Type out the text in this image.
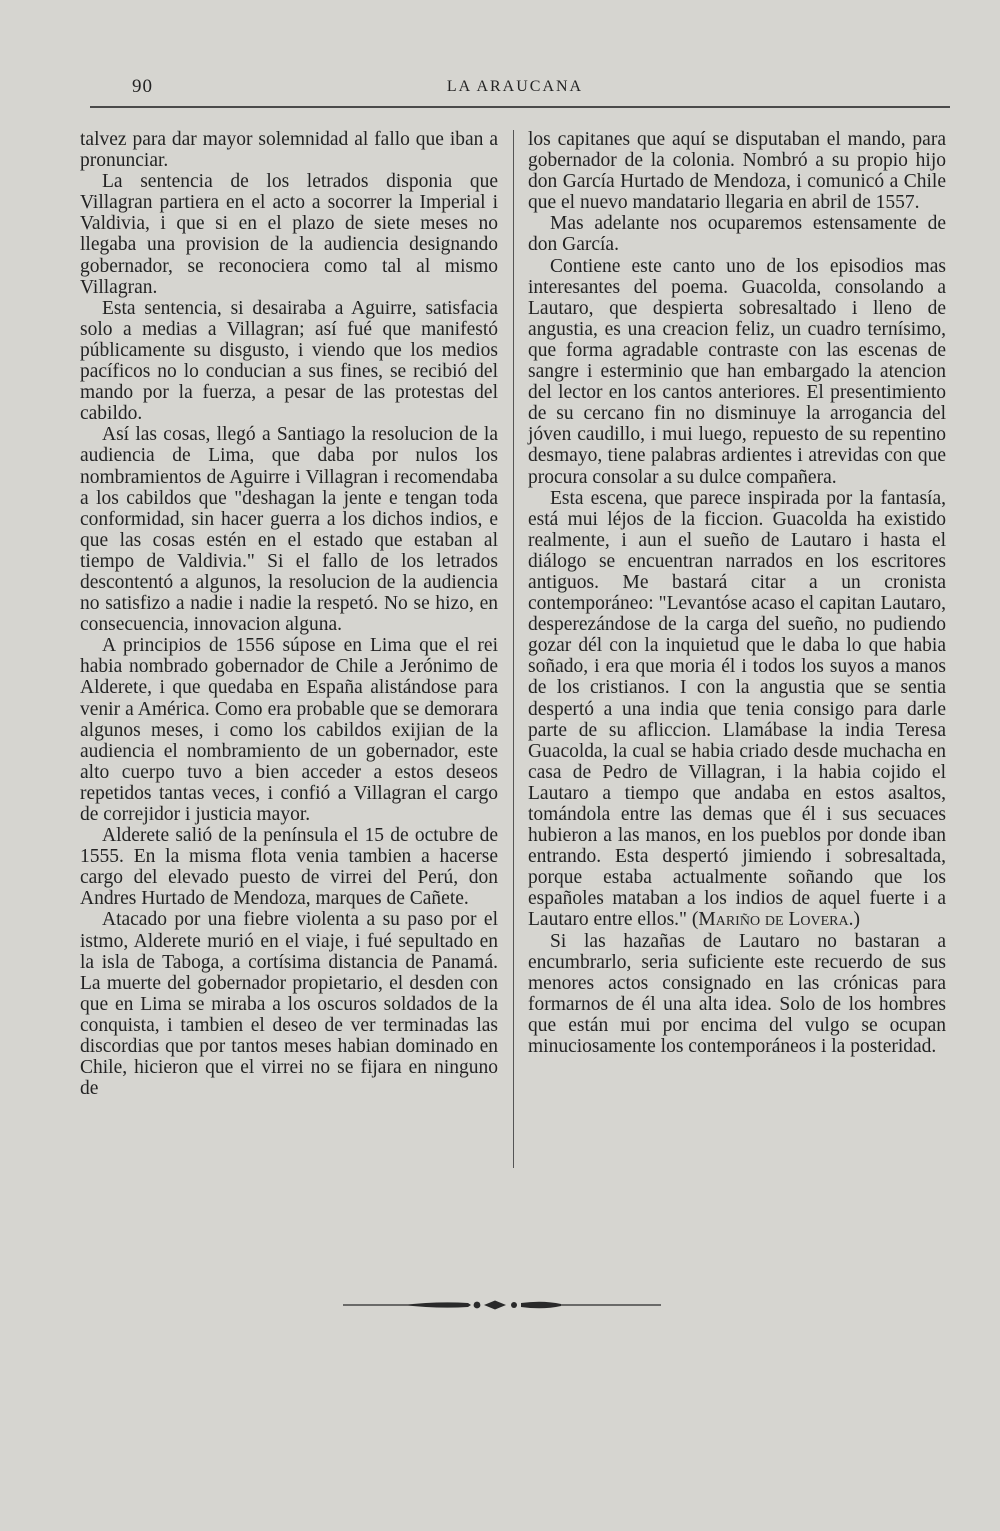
90	LA ARAUCANA

talvez para dar mayor solemnidad al fallo que iban a pronunciar.

La sentencia de los letrados disponia que Villagran partiera en el acto a socorrer la Imperial i Valdivia, i que si en el plazo de siete meses no llegaba una provision de la audiencia designando gobernador, se reconociera como tal al mismo Villagran.

Esta sentencia, si desairaba a Aguirre, satisfacia solo a medias a Villagran; así fué que manifestó públicamente su disgusto, i viendo que los medios pacíficos no lo conducian a sus fines, se recibió del mando por la fuerza, a pesar de las protestas del cabildo.

Así las cosas, llegó a Santiago la resolucion de la audiencia de Lima, que daba por nulos los nombramientos de Aguirre i Villagran i recomendaba a los cabildos que "deshagan la jente e tengan toda conformidad, sin hacer guerra a los dichos indios, e que las cosas estén en el estado que estaban al tiempo de Valdivia." Si el fallo de los letrados descontentó a algunos, la resolucion de la audiencia no satisfizo a nadie i nadie la respetó. No se hizo, en consecuencia, innovacion alguna.

A principios de 1556 súpose en Lima que el rei habia nombrado gobernador de Chile a Jerónimo de Alderete, i que quedaba en España alistándose para venir a América. Como era probable que se demorara algunos meses, i como los cabildos exijian de la audiencia el nombramiento de un gobernador, este alto cuerpo tuvo a bien acceder a estos deseos repetidos tantas veces, i confió a Villagran el cargo de correjidor i justicia mayor.

Alderete salió de la península el 15 de octubre de 1555. En la misma flota venia tambien a hacerse cargo del elevado puesto de virrei del Perú, don Andres Hurtado de Mendoza, marques de Cañete.

Atacado por una fiebre violenta a su paso por el istmo, Alderete murió en el viaje, i fué sepultado en la isla de Taboga, a cortísima distancia de Panamá. La muerte del gobernador propietario, el desden con que en Lima se miraba a los oscuros soldados de la conquista, i tambien el deseo de ver terminadas las discordias que por tantos meses habian dominado en Chile, hicieron que el virrei no se fijara en ninguno de

los capitanes que aquí se disputaban el mando, para gobernador de la colonia. Nombró a su propio hijo don García Hurtado de Mendoza, i comunicó a Chile que el nuevo mandatario llegaria en abril de 1557.

Mas adelante nos ocuparemos estensamente de don García.

Contiene este canto uno de los episodios mas interesantes del poema. Guacolda, consolando a Lautaro, que despierta sobresaltado i lleno de angustia, es una creacion feliz, un cuadro ternísimo, que forma agradable contraste con las escenas de sangre i esterminio que han embargado la atencion del lector en los cantos anteriores. El presentimiento de su cercano fin no disminuye la arrogancia del jóven caudillo, i mui luego, repuesto de su repentino desmayo, tiene palabras ardientes i atrevidas con que procura consolar a su dulce compañera.

Esta escena, que parece inspirada por la fantasía, está mui léjos de la ficcion. Guacolda ha existido realmente, i aun el sueño de Lautaro i hasta el diálogo se encuentran narrados en los escritores antiguos. Me bastará citar a un cronista contemporáneo: "Levantóse acaso el capitan Lautaro, desperezándose de la carga del sueño, no pudiendo gozar dél con la inquietud que le daba lo que habia soñado, i era que moria él i todos los suyos a manos de los cristianos. I con la angustia que se sentia despertó a una india que tenia consigo para darle parte de su afliccion. Llamábase la india Teresa Guacolda, la cual se habia criado desde muchacha en casa de Pedro de Villagran, i la habia cojido el Lautaro a tiempo que andaba en estos asaltos, tomándola entre las demas que él i sus secuaces hubieron a las manos, en los pueblos por donde iban entrando. Esta despertó jimiendo i sobresaltada, porque estaba actualmente soñando que los españoles mataban a los indios de aquel fuerte i a Lautaro entre ellos." (Mariño de Lovera.)

Si las hazañas de Lautaro no bastaran a encumbrarlo, seria suficiente este recuerdo de sus menores actos consignado en las crónicas para formarnos de él una alta idea. Solo de los hombres que están mui por encima del vulgo se ocupan minuciosamente los contemporáneos i la posteridad.
